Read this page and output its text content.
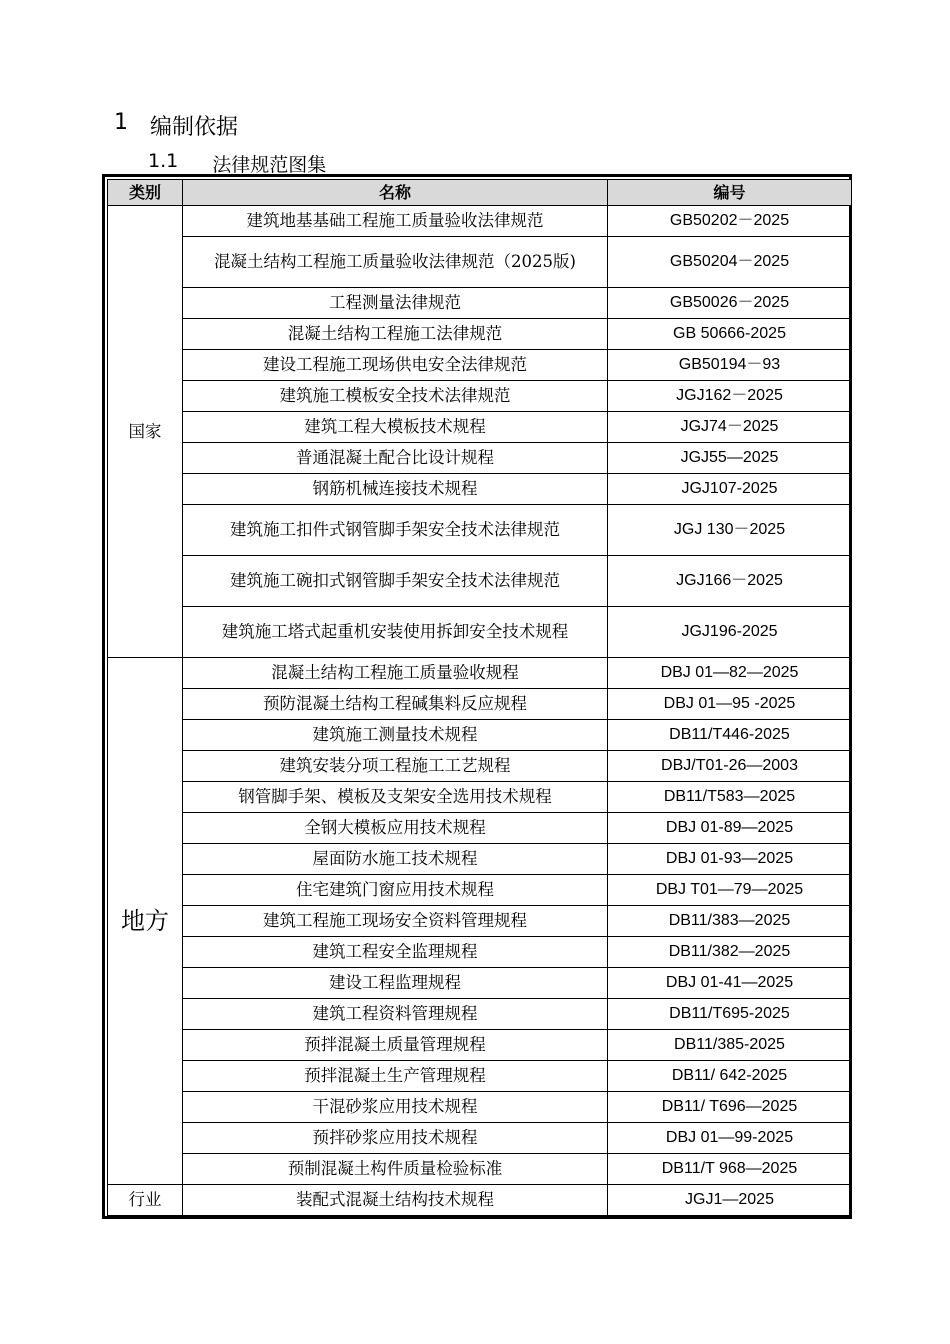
1 编制依据
1.1 法律规范图集
类别	名称	编号
国家	建筑地基基础工程施工质量验收法律规范	GB50202－2025
	混凝土结构工程施工质量验收法律规范（2025版)	GB50204－2025
	工程测量法律规范	GB50026－2025
	混凝土结构工程施工法律规范	GB 50666-2025
	建设工程施工现场供电安全法律规范	GB50194－93
	建筑施工模板安全技术法律规范	JGJ162－2025
	建筑工程大模板技术规程	JGJ74－2025
	普通混凝土配合比设计规程	JGJ55—2025
	钢筋机械连接技术规程	JGJ107-2025
	建筑施工扣件式钢管脚手架安全技术法律规范	JGJ 130－2025
	建筑施工碗扣式钢管脚手架安全技术法律规范	JGJ166－2025
	建筑施工塔式起重机安装使用拆卸安全技术规程	JGJ196-2025
地方	混凝土结构工程施工质量验收规程	DBJ 01—82—2025
	预防混凝土结构工程碱集料反应规程	DBJ 01—95 -2025
	建筑施工测量技术规程	DB11/T446-2025
	建筑安装分项工程施工工艺规程	DBJ/T01-26—2003
	钢管脚手架、模板及支架安全选用技术规程	DB11/T583—2025
	全钢大模板应用技术规程	DBJ 01-89—2025
	屋面防水施工技术规程	DBJ 01-93—2025
	住宅建筑门窗应用技术规程	DBJ T01—79—2025
	建筑工程施工现场安全资料管理规程	DB11/383—2025
	建筑工程安全监理规程	DB11/382—2025
	建设工程监理规程	DBJ 01-41—2025
	建筑工程资料管理规程	DB11/T695-2025
	预拌混凝土质量管理规程	DB11/385-2025
	预拌混凝土生产管理规程	DB11/ 642-2025
	干混砂浆应用技术规程	DB11/ T696—2025
	预拌砂浆应用技术规程	DBJ 01—99-2025
	预制混凝土构件质量检验标准	DB11/T 968—2025
行业	装配式混凝土结构技术规程	JGJ1—2025
